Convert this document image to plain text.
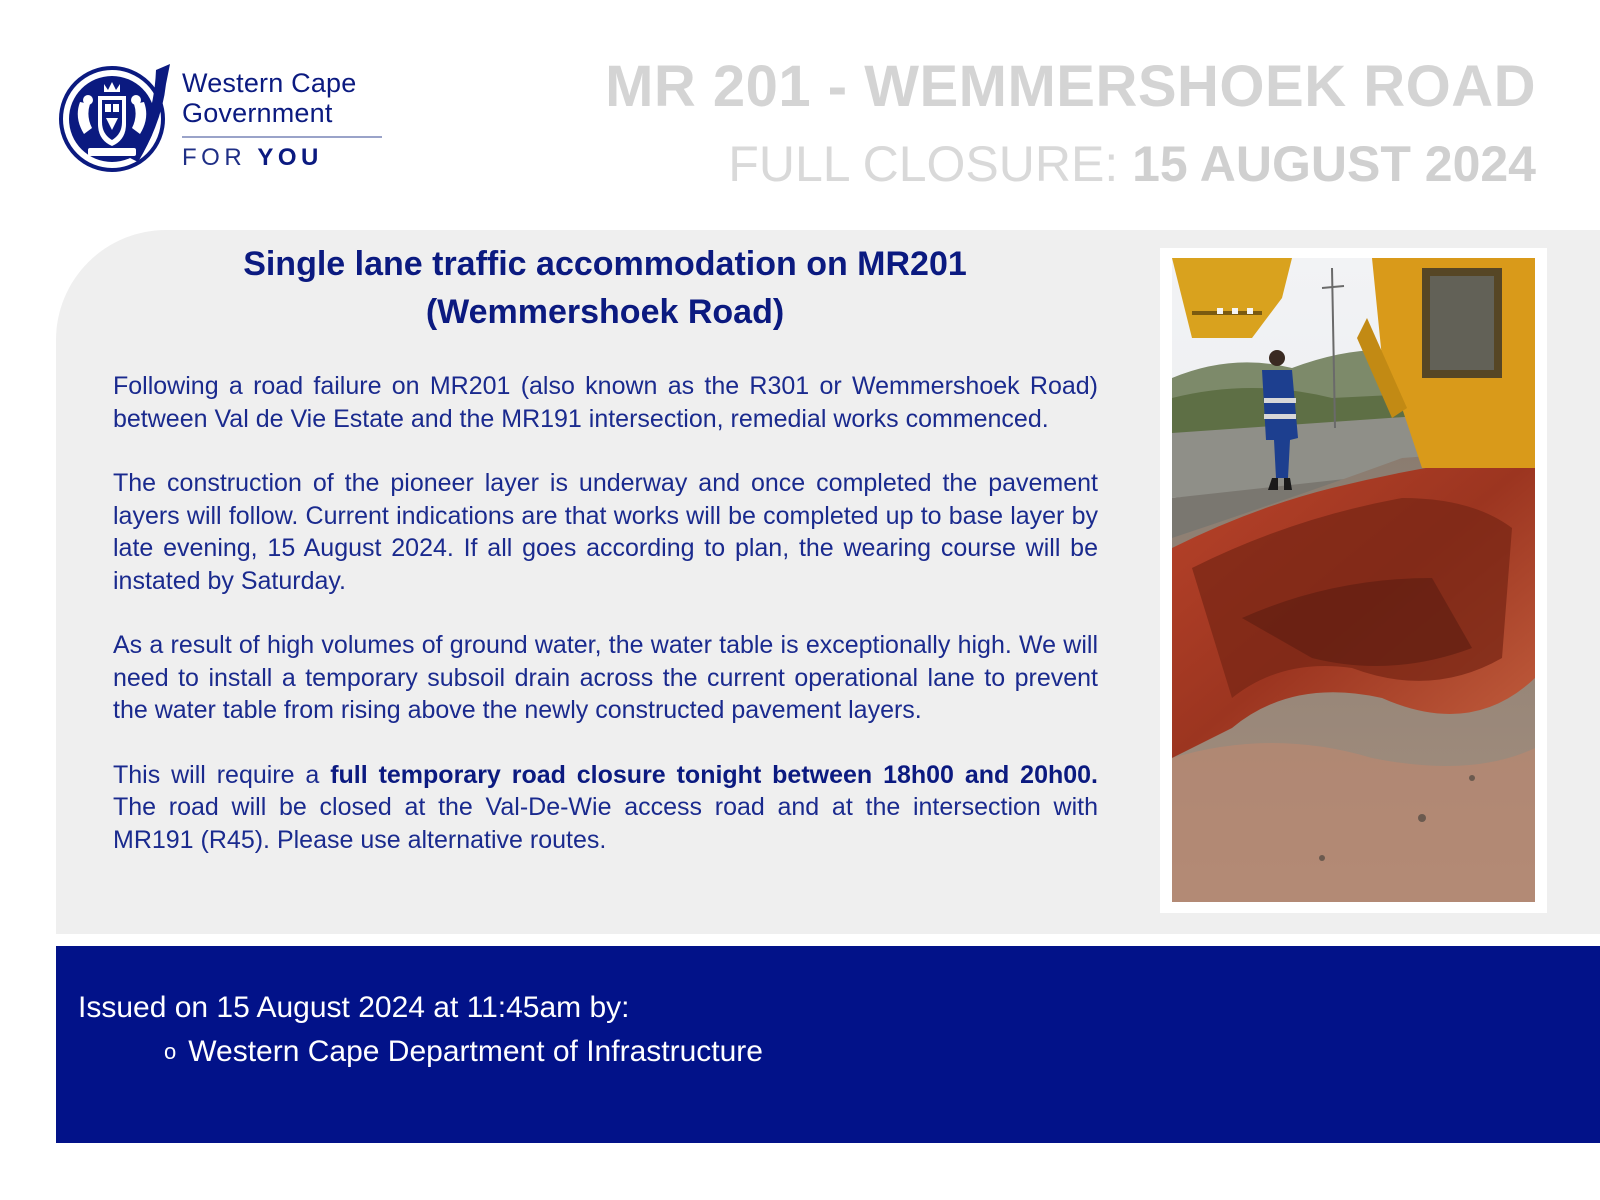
Western Cape
Government
FOR YOU
MR 201 - WEMMERSHOEK ROAD
FULL CLOSURE: 15 AUGUST 2024
Single lane traffic accommodation on MR201
(Wemmershoek Road)

Following a road failure on MR201 (also known as the R301 or Wemmershoek Road) between Val de Vie Estate and the MR191 intersection, remedial works commenced.

The construction of the pioneer layer is underway and once completed the pavement layers will follow. Current indications are that works will be completed up to base layer by late evening, 15 August 2024. If all goes according to plan, the wearing course will be instated by Saturday.

As a result of high volumes of ground water, the water table is exceptionally high. We will need to install a temporary subsoil drain across the current operational lane to prevent the water table from rising above the newly constructed pavement layers.

This will require a full temporary road closure tonight between 18h00 and 20h00. The road will be closed at the Val-De-Wie access road and at the intersection with MR191 (R45). Please use alternative routes.

Issued on 15 August 2024 at 11:45am by:
o Western Cape Department of Infrastructure
